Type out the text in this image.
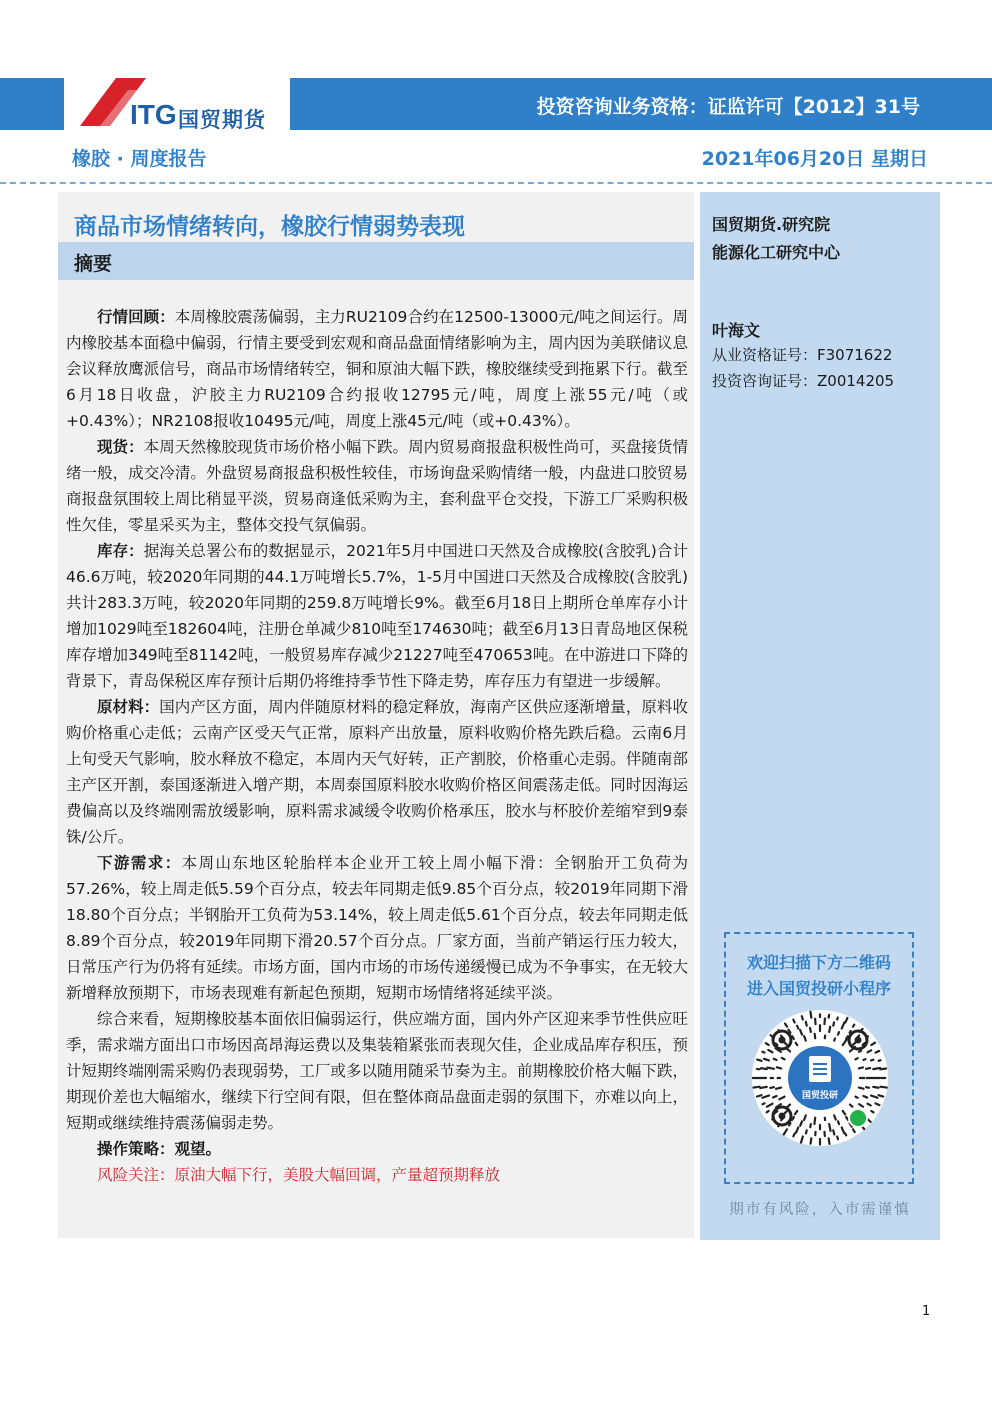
ITG 国贸期货
投资咨询业务资格：证监许可【2012】31号
橡胶 · 周度报告	2021年06月20日 星期日
商品市场情绪转向，橡胶行情弱势表现
摘要

行情回顾：本周橡胶震荡偏弱，主力RU2109合约在12500-13000元/吨之间运行。周内橡胶基本面稳中偏弱，行情主要受到宏观和商品盘面情绪影响为主，周内因为美联储议息会议释放鹰派信号，商品市场情绪转空，铜和原油大幅下跌，橡胶继续受到拖累下行。截至6月18日收盘，沪胶主力RU2109合约报收12795元/吨，周度上涨55元/吨（或+0.43%）；NR2108报收10495元/吨，周度上涨45元/吨（或+0.43%）。

现货：本周天然橡胶现货市场价格小幅下跌。周内贸易商报盘积极性尚可，买盘接货情绪一般，成交冷清。外盘贸易商报盘积极性较佳，市场询盘采购情绪一般，内盘进口胶贸易商报盘氛围较上周比稍显平淡，贸易商逢低采购为主，套利盘平仓交投，下游工厂采购积极性欠佳，零星采买为主，整体交投气氛偏弱。

库存：据海关总署公布的数据显示，2021年5月中国进口天然及合成橡胶(含胶乳)合计46.6万吨，较2020年同期的44.1万吨增长5.7%，1-5月中国进口天然及合成橡胶(含胶乳)共计283.3万吨，较2020年同期的259.8万吨增长9%。截至6月18日上期所仓单库存小计增加1029吨至182604吨，注册仓单减少810吨至174630吨；截至6月13日青岛地区保税库存增加349吨至81142吨，一般贸易库存减少21227吨至470653吨。在中游进口下降的背景下，青岛保税区库存预计后期仍将维持季节性下降走势，库存压力有望进一步缓解。

原材料：国内产区方面，周内伴随原材料的稳定释放，海南产区供应逐渐增量，原料收购价格重心走低；云南产区受天气正常，原料产出放量，原料收购价格先跌后稳。云南6月上旬受天气影响，胶水释放不稳定，本周内天气好转，正产割胶，价格重心走弱。伴随南部主产区开割，泰国逐渐进入增产期，本周泰国原料胶水收购价格区间震荡走低。同时因海运费偏高以及终端刚需放缓影响，原料需求减缓令收购价格承压，胶水与杯胶价差缩窄到9泰铢/公斤。

下游需求：本周山东地区轮胎样本企业开工较上周小幅下滑：全钢胎开工负荷为57.26%，较上周走低5.59个百分点，较去年同期走低9.85个百分点，较2019年同期下滑18.80个百分点；半钢胎开工负荷为53.14%，较上周走低5.61个百分点，较去年同期走低8.89个百分点，较2019年同期下滑20.57个百分点。厂家方面，当前产销运行压力较大，日常压产行为仍将有延续。市场方面，国内市场的市场传递缓慢已成为不争事实，在无较大新增释放预期下，市场表现难有新起色预期，短期市场情绪将延续平淡。

综合来看，短期橡胶基本面依旧偏弱运行，供应端方面，国内外产区迎来季节性供应旺季，需求端方面出口市场因高昂海运费以及集装箱紧张而表现欠佳，企业成品库存积压，预计短期终端刚需采购仍表现弱势，工厂或多以随用随采节奏为主。前期橡胶价格大幅下跌，期现价差也大幅缩水，继续下行空间有限，但在整体商品盘面走弱的氛围下，亦难以向上，短期或继续维持震荡偏弱走势。

操作策略：观望。

风险关注：原油大幅下行，美股大幅回调，产量超预期释放

国贸期货.研究院
能源化工研究中心
叶海文
从业资格证号：F3071622
投资咨询证号：Z0014205
欢迎扫描下方二维码
进入国贸投研小程序
国贸投研
期市有风险，入市需谨慎
1
